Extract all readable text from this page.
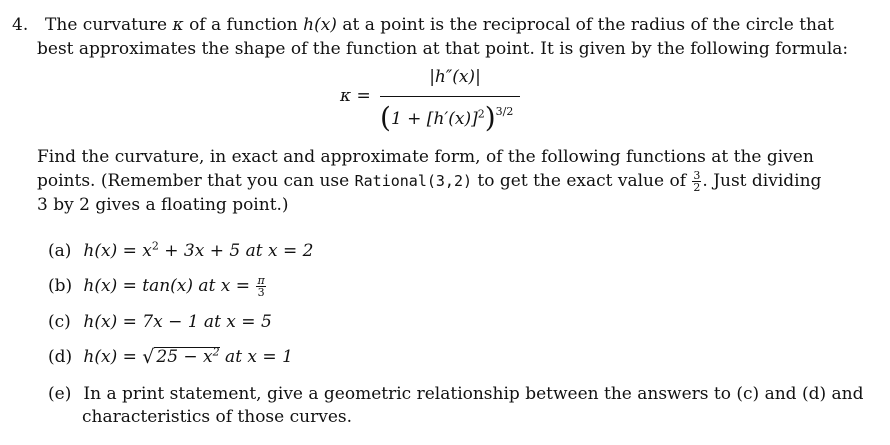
4. The curvature κ of a function h(x) at a point is the reciprocal of the radius of the circle that
best approximates the shape of the function at that point. It is given by the following formula:
κ =
|h″(x)|
$(1 + [h'(x)]^2)$ 3/2
Find the curvature, in exact and approximate form, of the following functions at the given
points. (Remember that you can use Rational(3,2) to get the exact value of $\frac{3}{2}$ . Just dividing
3 by 2 gives a floating point.)
(a) $h(x) = x^2 + 3x + 5$ at x = 2
(b) h(x) = tan(x) at $x = \frac{\pi}{3}$
(c) h(x) = 7x − 1 at x = 5
(d) h(x) = √ $25 - x^2$ at x = 1
(e) In a print statement, give a geometric relationship between the answers to (c) and (d) and
characteristics of those curves.
